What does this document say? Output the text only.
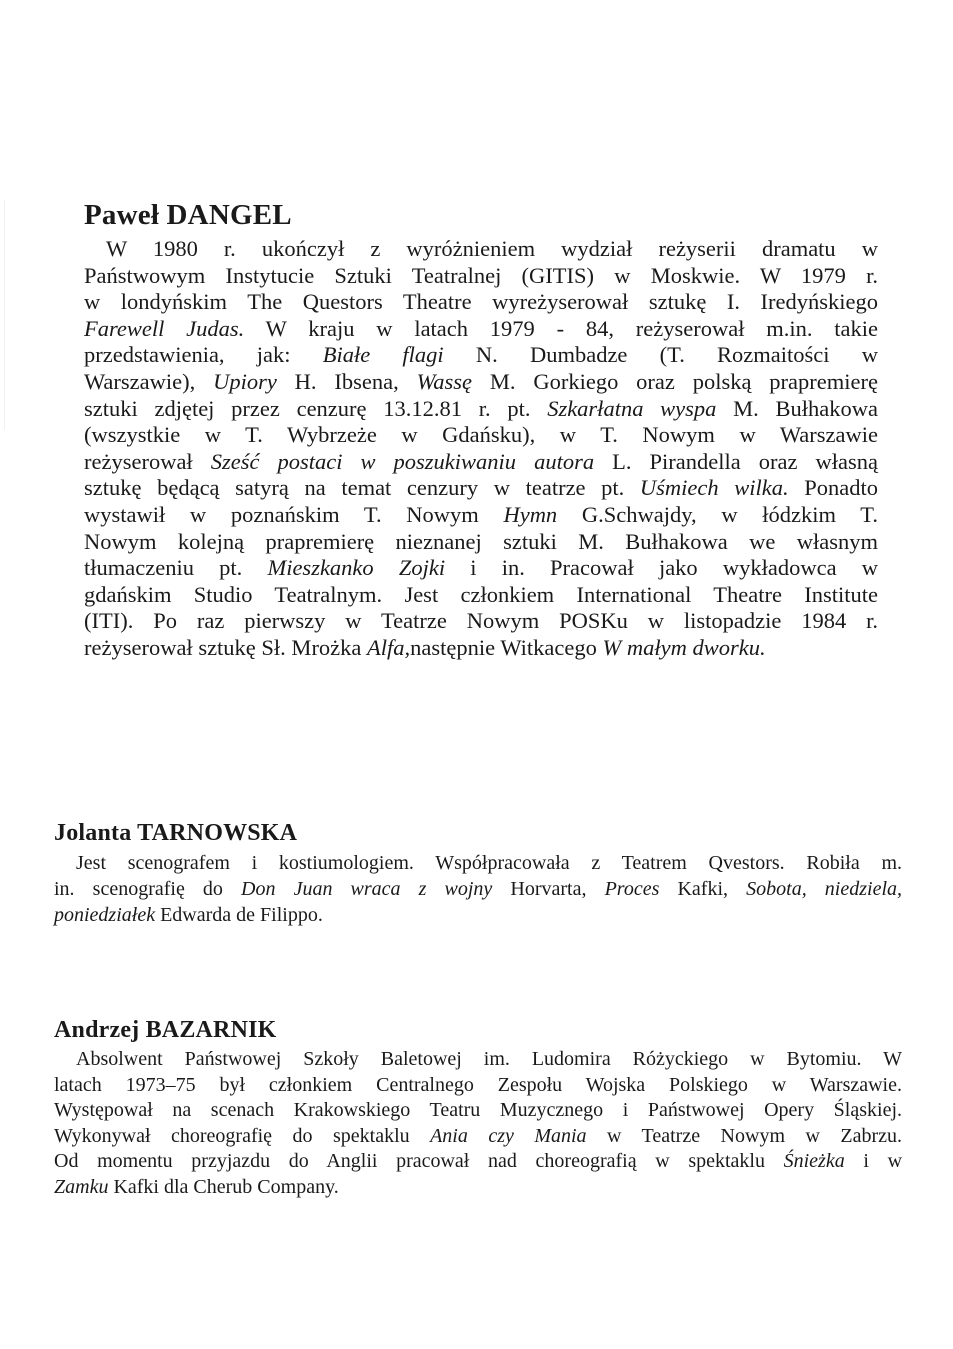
Paweł DANGEL
W 1980 r. ukończył z wyróżnieniem wydział reżyserii dramatu w
Państwowym Instytucie Sztuki Teatralnej (GITIS) w Moskwie. W 1979 r.
w londyńskim The Questors Theatre wyreżyserował sztukę I. Iredyńskiego
Farewell Judas. W kraju w latach 1979 - 84, reżyserował m.in. takie
przedstawienia, jak: Białe flagi N. Dumbadze (T. Rozmaitości w
Warszawie), Upiory H. Ibsena, Wassę M. Gorkiego oraz polską prapremierę
sztuki zdjętej przez cenzurę 13.12.81 r. pt. Szkarłatna wyspa M. Bułhakowa
(wszystkie w T. Wybrzeże w Gdańsku), w T. Nowym w Warszawie
reżyserował Sześć postaci w poszukiwaniu autora L. Pirandella oraz własną
sztukę będącą satyrą na temat cenzury w teatrze pt. Uśmiech wilka. Ponadto
wystawił w poznańskim T. Nowym Hymn G.Schwajdy, w łódzkim T.
Nowym kolejną prapremierę nieznanej sztuki M. Bułhakowa we własnym
tłumaczeniu pt. Mieszkanko Zojki i in. Pracował jako wykładowca w
gdańskim Studio Teatralnym. Jest członkiem International Theatre Institute
(ITI). Po raz pierwszy w Teatrze Nowym POSKu w listopadzie 1984 r.
reżyserował sztukę Sł. Mrożka Alfa,następnie Witkacego W małym dworku.
Jolanta TARNOWSKA
Jest scenografem i kostiumologiem. Współpracowała z Teatrem Qvestors. Robiła m.
in. scenografię do Don Juan wraca z wojny Horvarta, Proces Kafki, Sobota, niedziela,
poniedziałek Edwarda de Filippo.
Andrzej BAZARNIK
Absolwent Państwowej Szkoły Baletowej im. Ludomira Różyckiego w Bytomiu. W
latach 1973–75 był członkiem Centralnego Zespołu Wojska Polskiego w Warszawie.
Występował na scenach Krakowskiego Teatru Muzycznego i Państwowej Opery Śląskiej.
Wykonywał choreografię do spektaklu Ania czy Mania w Teatrze Nowym w Zabrzu.
Od momentu przyjazdu do Anglii pracował nad choreografią w spektaklu Śnieżka i w
Zamku Kafki dla Cherub Company.
